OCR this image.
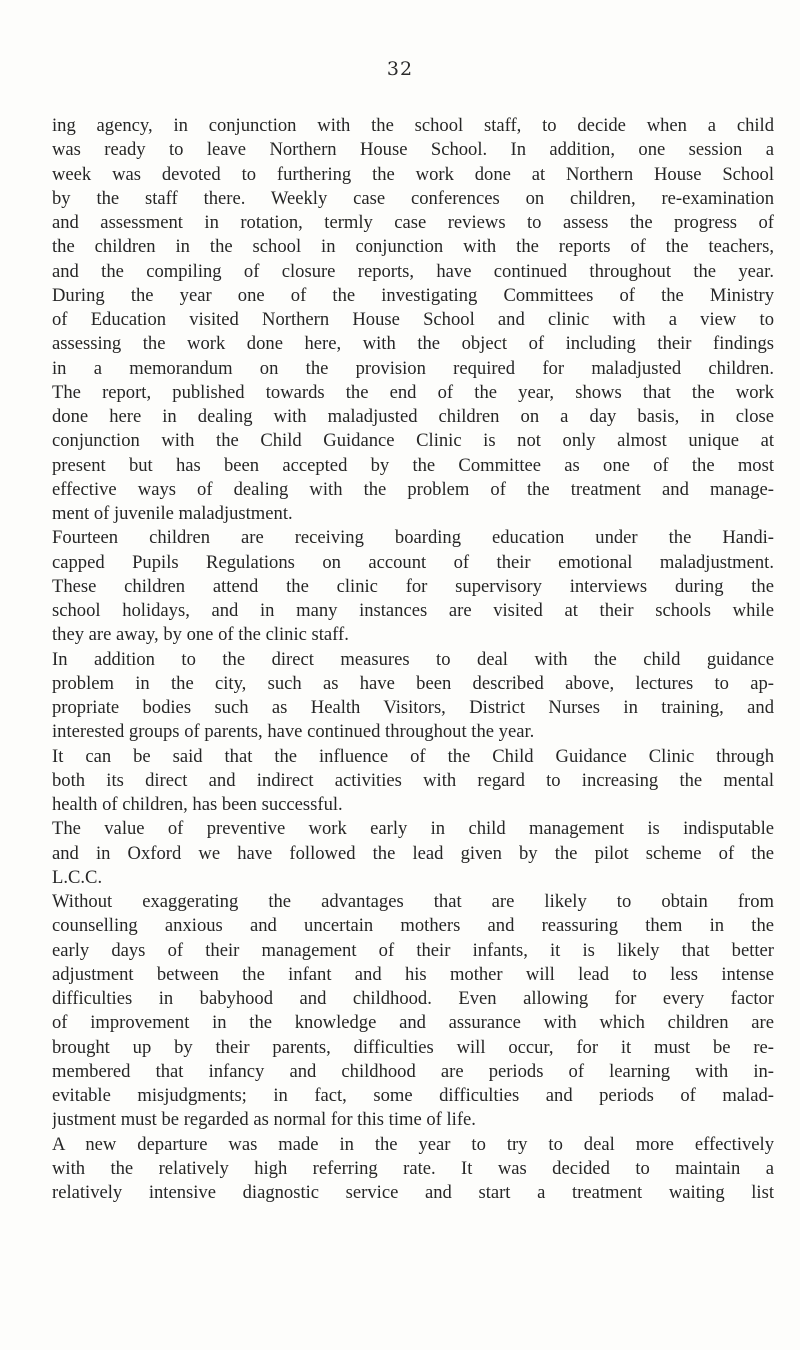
32

ing agency, in conjunction with the school staff, to decide when a child
was ready to leave Northern House School. In addition, one session a
week was devoted to furthering the work done at Northern House School
by the staff there. Weekly case conferences on children, re-examination
and assessment in rotation, termly case reviews to assess the progress of
the children in the school in conjunction with the reports of the teachers,
and the compiling of closure reports, have continued throughout the year.

During the year one of the investigating Committees of the Ministry
of Education visited Northern House School and clinic with a view to
assessing the work done here, with the object of including their findings
in a memorandum on the provision required for maladjusted children.
The report, published towards the end of the year, shows that the work
done here in dealing with maladjusted children on a day basis, in close
conjunction with the Child Guidance Clinic is not only almost unique at
present but has been accepted by the Committee as one of the most
effective ways of dealing with the problem of the treatment and manage-
ment of juvenile maladjustment.

Fourteen children are receiving boarding education under the Handi-
capped Pupils Regulations on account of their emotional maladjustment.
These children attend the clinic for supervisory interviews during the
school holidays, and in many instances are visited at their schools while
they are away, by one of the clinic staff.

In addition to the direct measures to deal with the child guidance
problem in the city, such as have been described above, lectures to ap-
propriate bodies such as Health Visitors, District Nurses in training, and
interested groups of parents, have continued throughout the year.

It can be said that the influence of the Child Guidance Clinic through
both its direct and indirect activities with regard to increasing the mental
health of children, has been successful.

The value of preventive work early in child management is indisputable
and in Oxford we have followed the lead given by the pilot scheme of the
L.C.C.

Without exaggerating the advantages that are likely to obtain from
counselling anxious and uncertain mothers and reassuring them in the
early days of their management of their infants, it is likely that better
adjustment between the infant and his mother will lead to less intense
difficulties in babyhood and childhood. Even allowing for every factor
of improvement in the knowledge and assurance with which children are
brought up by their parents, difficulties will occur, for it must be re-
membered that infancy and childhood are periods of learning with in-
evitable misjudgments; in fact, some difficulties and periods of malad-
justment must be regarded as normal for this time of life.

A new departure was made in the year to try to deal more effectively
with the relatively high referring rate. It was decided to maintain a
relatively intensive diagnostic service and start a treatment waiting list
